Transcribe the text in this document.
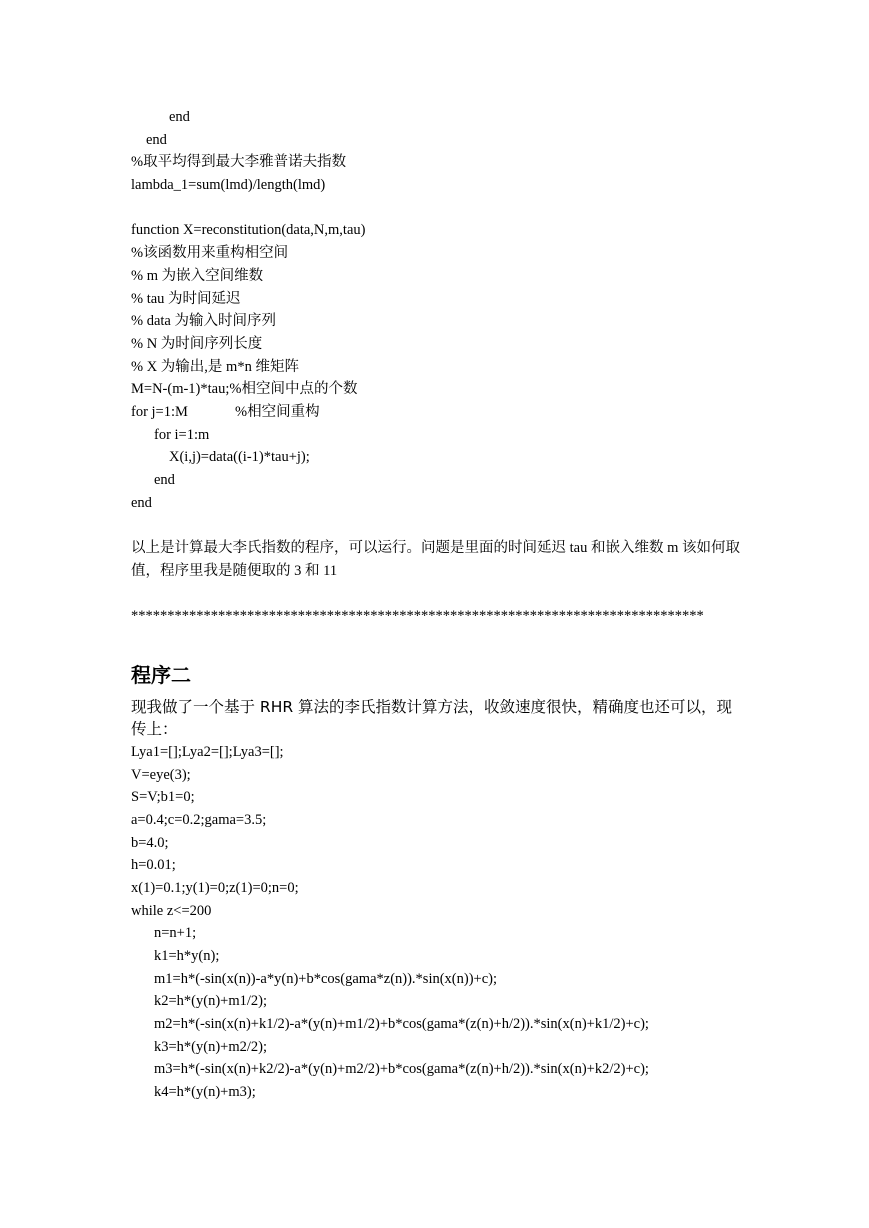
end
end
%取平均得到最大李雅普诺夫指数
lambda_1=sum(lmd)/length(lmd)
function X=reconstitution(data,N,m,tau)
%该函数用来重构相空间
% m 为嵌入空间维数
% tau 为时间延迟
% data 为输入时间序列
% N 为时间序列长度
% X 为输出,是 m*n 维矩阵
M=N-(m-1)*tau;%相空间中点的个数
for j=1:M             %相空间重构
for i=1:m
X(i,j)=data((i-1)*tau+j);
end
end
以上是计算最大李氏指数的程序，可以运行。问题是里面的时间延迟 tau 和嵌入维数 m 该如何取值，程序里我是随便取的 3 和 11
*******************************************************************************
程序二
现我做了一个基于 RHR 算法的李氏指数计算方法，收敛速度很快，精确度也还可以，现传上：
Lya1=[];Lya2=[];Lya3=[];
V=eye(3);
S=V;b1=0;
a=0.4;c=0.2;gama=3.5;
b=4.0;
h=0.01;
x(1)=0.1;y(1)=0;z(1)=0;n=0;
while z<=200
n=n+1;
k1=h*y(n);
m1=h*(-sin(x(n))-a*y(n)+b*cos(gama*z(n)).*sin(x(n))+c);
k2=h*(y(n)+m1/2);
m2=h*(-sin(x(n)+k1/2)-a*(y(n)+m1/2)+b*cos(gama*(z(n)+h/2)).*sin(x(n)+k1/2)+c);
k3=h*(y(n)+m2/2);
m3=h*(-sin(x(n)+k2/2)-a*(y(n)+m2/2)+b*cos(gama*(z(n)+h/2)).*sin(x(n)+k2/2)+c);
k4=h*(y(n)+m3);
